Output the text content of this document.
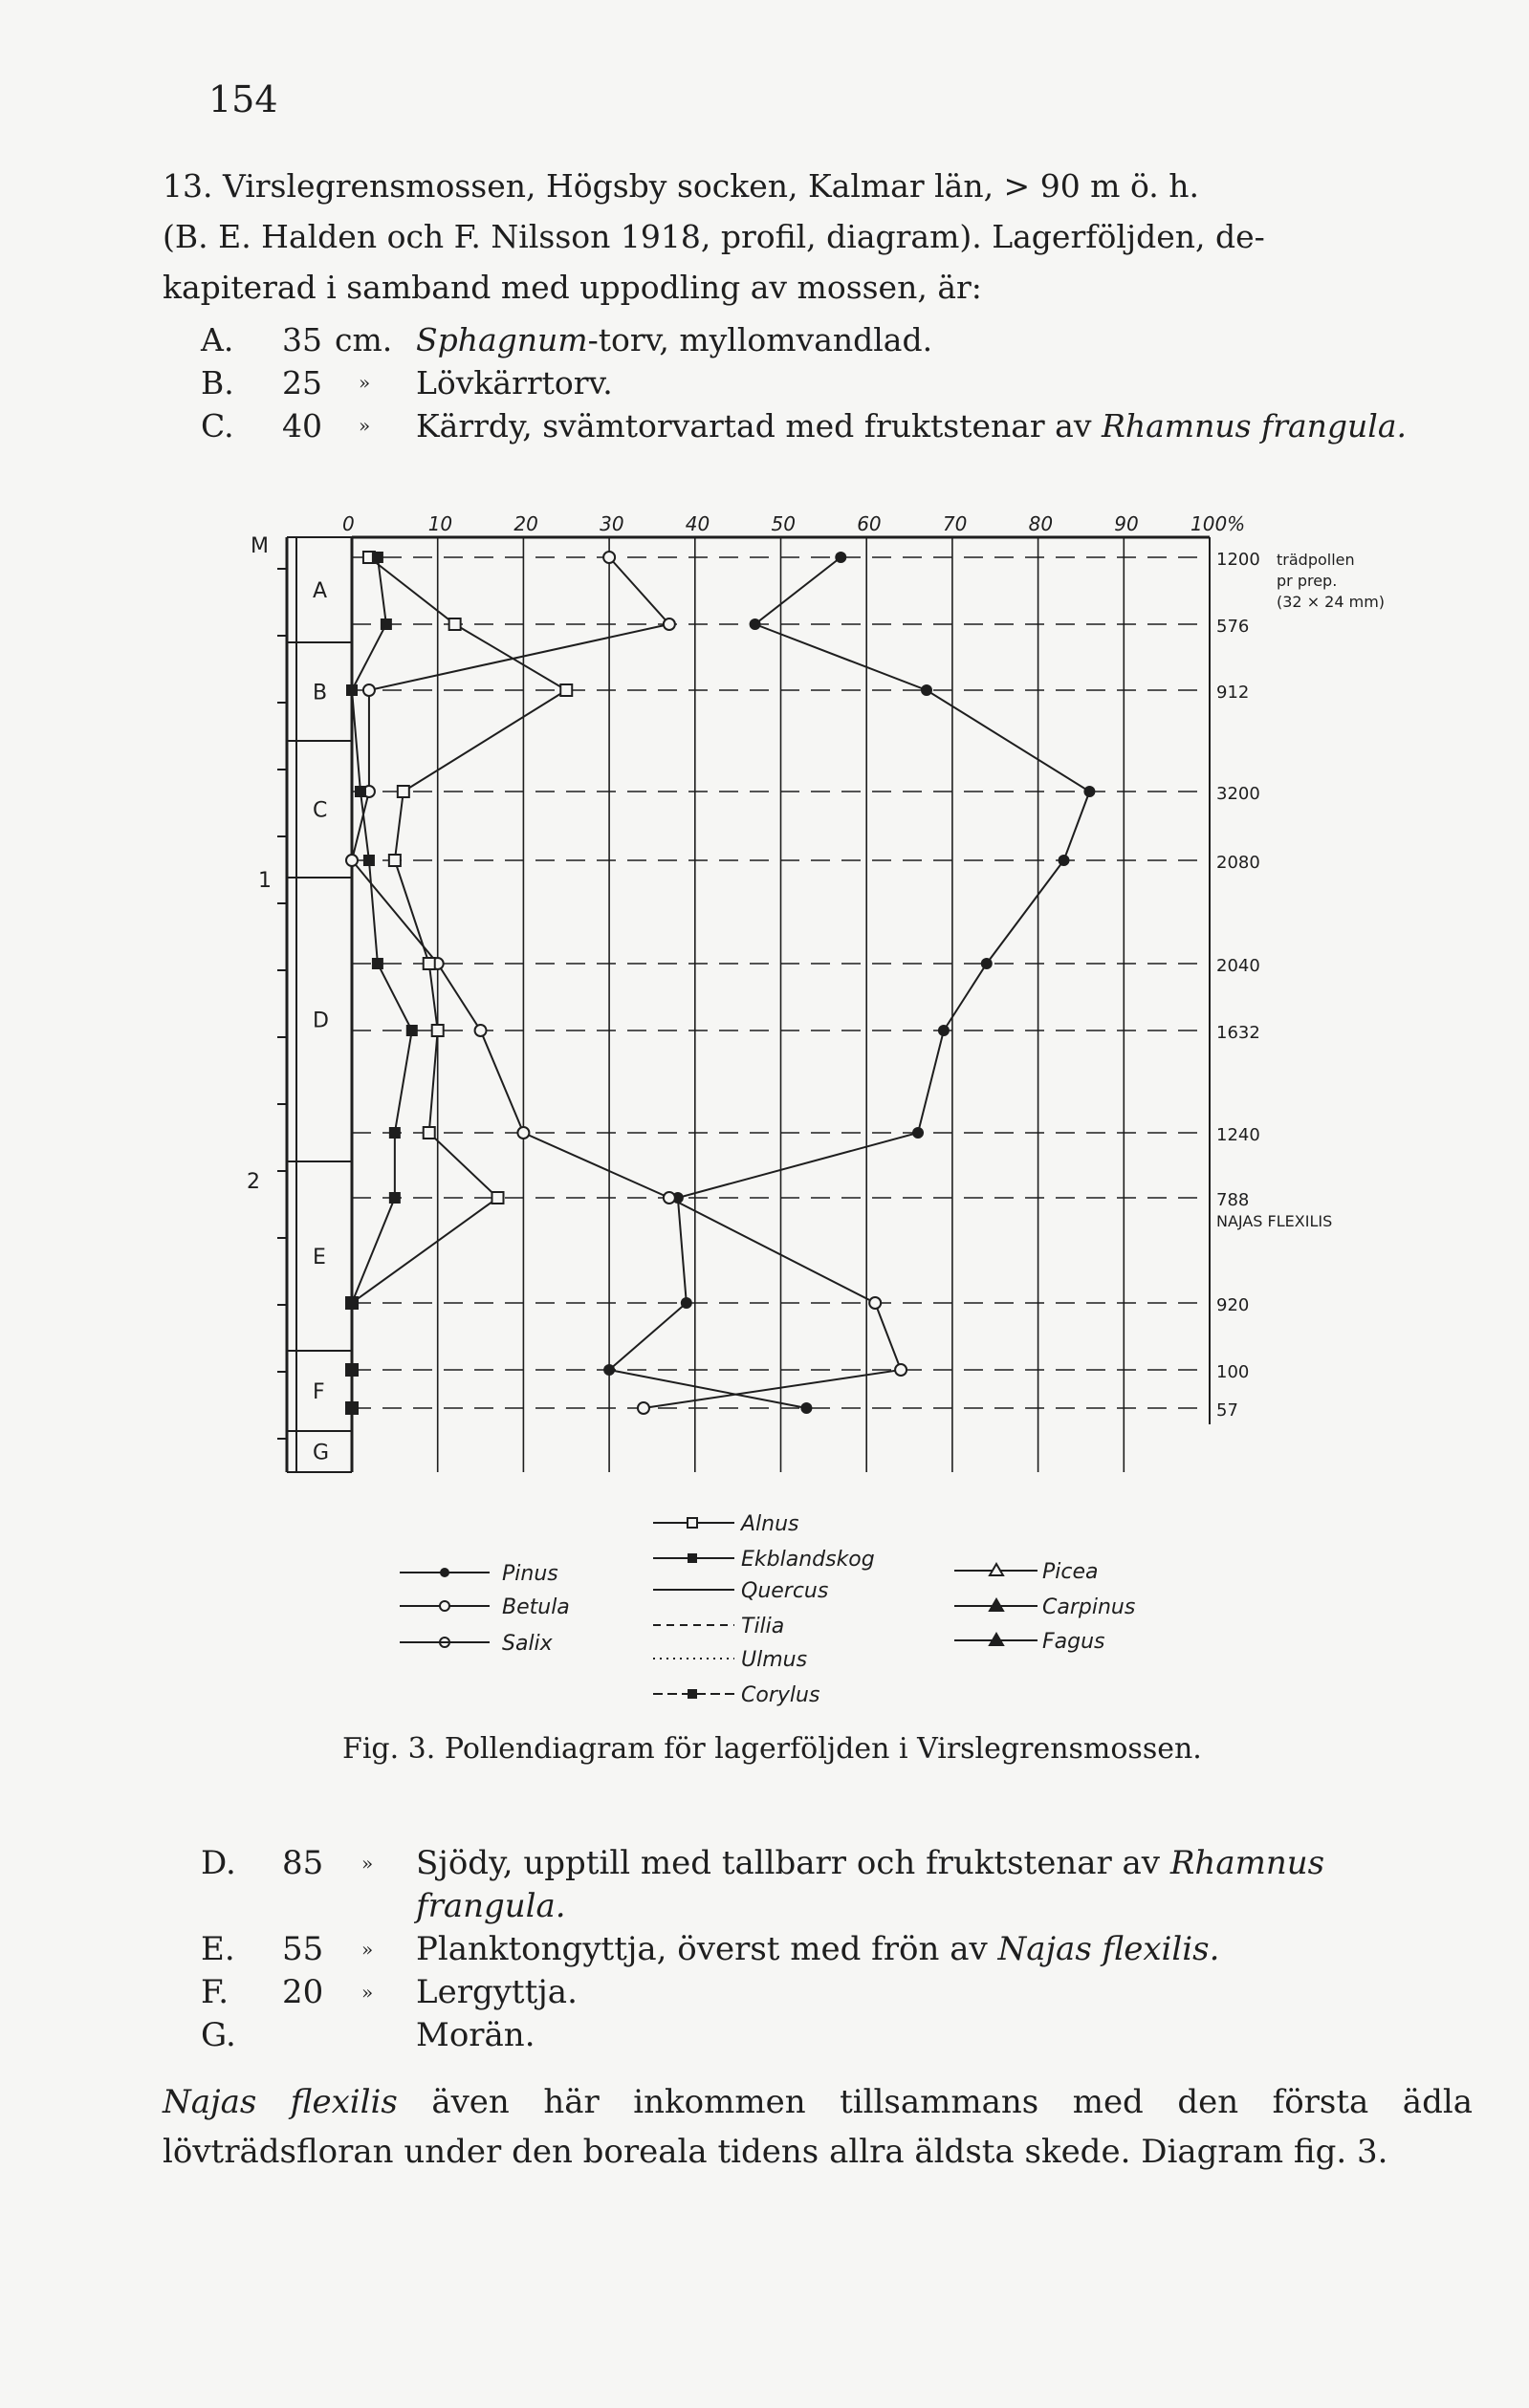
154
13. Virslegrensmossen, Högsby socken, Kalmar län, > 90 m ö. h.
(B. E. Halden och F. Nilsson 1918, profil, diagram). Lagerföljden, de-
kapiterad i samband med uppodling av mossen, är:
A. 35 cm. Sphagnum-torv, myllomvandlad.
B. 25 » Lövkärrtorv.
C. 40 » Kärrdy, svämtorvartad med fruktstenar av Rhamnus frangula.
M
1
2
A
B
C
D
E
F
G
0	10	20	30	40	50	60	70	80	90	100%
1200
576
912
3200
2080
2040
1632
1240
788
920
100
57
trädpollen
pr prep.
(32 × 24 mm)
NAJAS FLEXILIS
Pinus
Betula
Salix
Alnus
Ekblandskog
Quercus
Tilia
Ulmus
Corylus
Picea
Carpinus
Fagus
Fig. 3. Pollendiagram för lagerföljden i Virslegrensmossen.
D. 85 » Sjödy, upptill med tallbarr och fruktstenar av Rhamnus
frangula.
E. 55 » Planktongyttja, överst med frön av Najas flexilis.
F. 20 » Lergyttja.
G.	Morän.
Najas flexilis även här inkommen tillsammans med den första ädla lövträdsfloran under den boreala tidens allra äldsta skede. Diagram fig. 3.
